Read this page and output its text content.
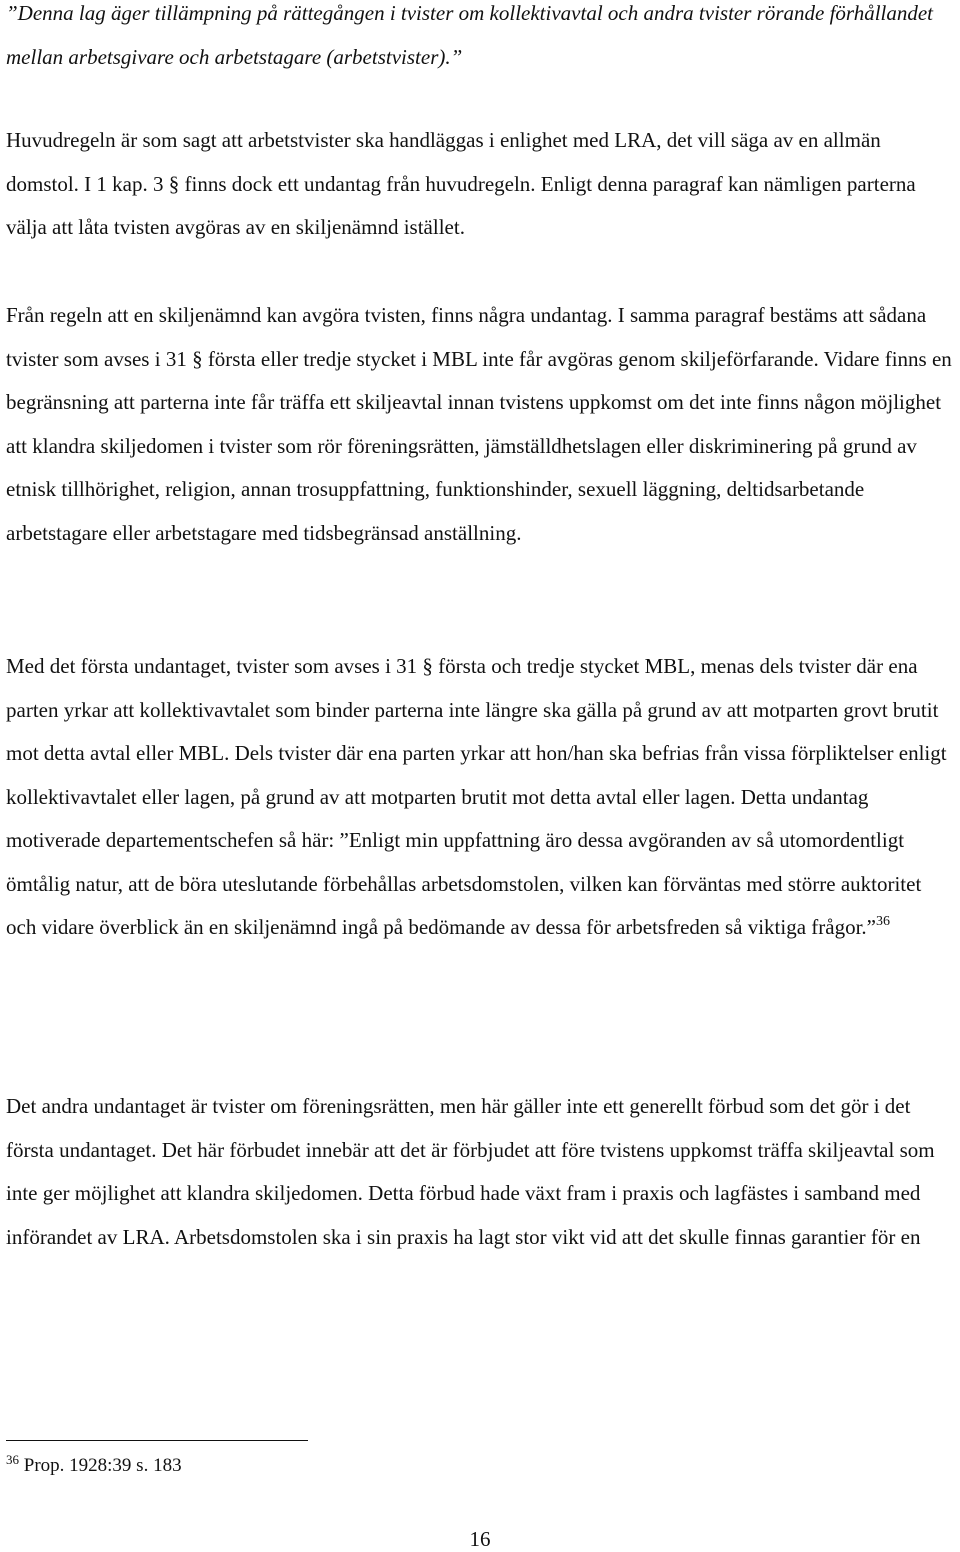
”Denna lag äger tillämpning på rättegången i tvister om kollektivavtal och andra tvister rörande förhållandet mellan arbetsgivare och arbetstagare (arbetstvister).”

Huvudregeln är som sagt att arbetstvister ska handläggas i enlighet med LRA, det vill säga av en allmän domstol. I 1 kap. 3 § finns dock ett undantag från huvudregeln. Enligt denna paragraf kan nämligen parterna välja att låta tvisten avgöras av en skiljenämnd istället.

Från regeln att en skiljenämnd kan avgöra tvisten, finns några undantag. I samma paragraf bestäms att sådana tvister som avses i 31 § första eller tredje stycket i MBL inte får avgöras genom skiljeförfarande. Vidare finns en begränsning att parterna inte får träffa ett skiljeavtal innan tvistens uppkomst om det inte finns någon möjlighet att klandra skiljedomen i tvister som rör föreningsrätten, jämställdhetslagen eller diskriminering på grund av etnisk tillhörighet, religion, annan trosuppfattning, funktionshinder, sexuell läggning, deltidsarbetande arbetstagare eller arbetstagare med tidsbegränsad anställning.

Med det första undantaget, tvister som avses i 31 § första och tredje stycket MBL, menas dels tvister där ena parten yrkar att kollektivavtalet som binder parterna inte längre ska gälla på grund av att motparten grovt brutit mot detta avtal eller MBL. Dels tvister där ena parten yrkar att hon/han ska befrias från vissa förpliktelser enligt kollektivavtalet eller lagen, på grund av att motparten brutit mot detta avtal eller lagen. Detta undantag motiverade departementschefen så här: ”Enligt min uppfattning äro dessa avgöranden av så utomordentligt ömtålig natur, att de böra uteslutande förbehållas arbetsdomstolen, vilken kan förväntas med större auktoritet och vidare överblick än en skiljenämnd ingå på bedömande av dessa för arbetsfreden så viktiga frågor.”$^{36}$

Det andra undantaget är tvister om föreningsrätten, men här gäller inte ett generellt förbud som det gör i det första undantaget. Det här förbudet innebär att det är förbjudet att före tvistens uppkomst träffa skiljeavtal som inte ger möjlighet att klandra skiljedomen. Detta förbud hade växt fram i praxis och lagfästes i samband med införandet av LRA. Arbetsdomstolen ska i sin praxis ha lagt stor vikt vid att det skulle finnas garantier för en

$^{36}$ Prop. 1928:39 s. 183
16
